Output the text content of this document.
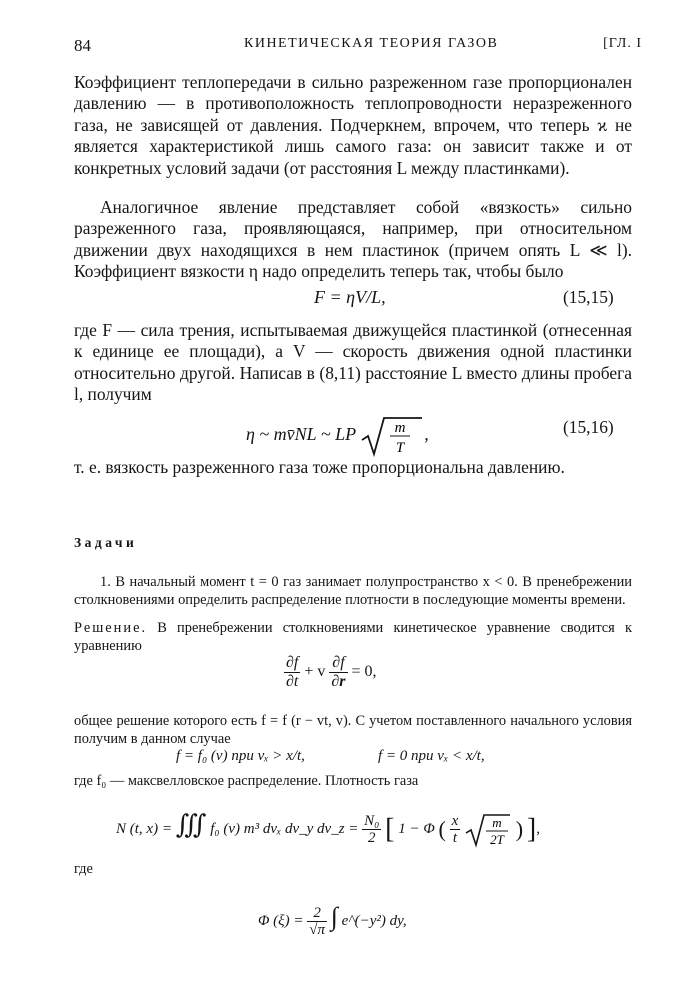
84	КИНЕТИЧЕСКАЯ ТЕОРИЯ ГАЗОВ	[ГЛ. I

Коэффициент теплопередачи в сильно разреженном газе пропорционален давлению — в противоположность теплопроводности неразреженного газа, не зависящей от давления. Подчеркнем, впрочем, что теперь ϰ не является характеристикой лишь самого газа: он зависит также и от конкретных условий задачи (от расстояния L между пластинками).

Аналогичное явление представляет собой «вязкость» сильно разреженного газа, проявляющаяся, например, при относительном движении двух находящихся в нем пластинок (причем опять L ≪ l). Коэффициент вязкости η надо определить теперь так, чтобы было

F = ηV/L,	(15,15)

где F — сила трения, испытываемая движущейся пластинкой (отнесенная к единице ее площади), а V — скорость движения одной пластинки относительно другой. Написав в (8,11) расстояние L вместо длины пробега l, получим

η ~ mv̄NL ~ LP	m
T
,	(15,16)

т. е. вязкость разреженного газа тоже пропорциональна давлению.

Задачи

1. В начальный момент t = 0 газ занимает полупространство x < 0. В пренебрежении столкновениями определить распределение плотности в последующие моменты времени.

Решение. В пренебрежении столкновениями кинетическое уравнение сводится к уравнению

$\frac{\partial f}{\partial t} + v \frac{\partial f}{\partial r} = 0$,

общее решение которого есть f = f (r − vt, v). С учетом поставленного начального условия получим в данном случае

f = f₀ (v) при vₓ > x/t,	f = 0 при vₓ < x/t,

где f₀ — максвелловское распределение. Плотность газа

N (t, x) = ∭ f₀ (v) m³ dvₓ dv_y dv_z = $\frac{\text{N₀}}{2}$ [ 1 − Φ ( $\frac{x}{t}$
m
2T ) ],

где

Φ $(\xi) = \frac{2}{√\pi}$ ∫ e^(−y²) dy,
